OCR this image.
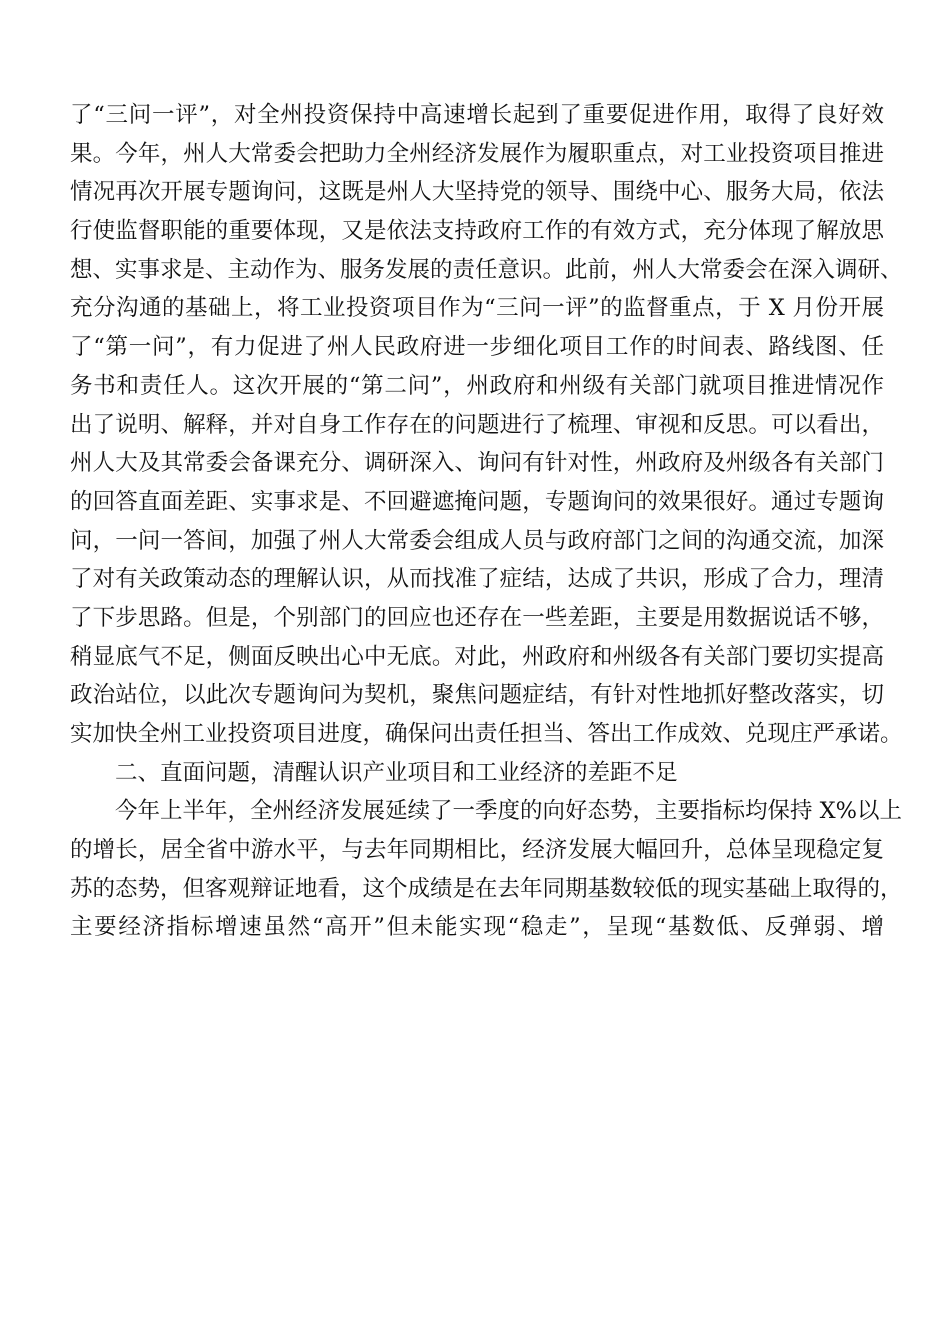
了“三问一评”，对全州投资保持中高速增长起到了重要促进作用，取得了良好效
果。今年，州人大常委会把助力全州经济发展作为履职重点，对工业投资项目推进
情况再次开展专题询问，这既是州人大坚持党的领导、围绕中心、服务大局，依法
行使监督职能的重要体现，又是依法支持政府工作的有效方式，充分体现了解放思
想、实事求是、主动作为、服务发展的责任意识。此前，州人大常委会在深入调研、
充分沟通的基础上，将工业投资项目作为“三问一评”的监督重点，于 X 月份开展
了“第一问”，有力促进了州人民政府进一步细化项目工作的时间表、路线图、任
务书和责任人。这次开展的“第二问”，州政府和州级有关部门就项目推进情况作
出了说明、解释，并对自身工作存在的问题进行了梳理、审视和反思。可以看出，
州人大及其常委会备课充分、调研深入、询问有针对性，州政府及州级各有关部门
的回答直面差距、实事求是、不回避遮掩问题，专题询问的效果很好。通过专题询
问，一问一答间，加强了州人大常委会组成人员与政府部门之间的沟通交流，加深
了对有关政策动态的理解认识，从而找准了症结，达成了共识，形成了合力，理清
了下步思路。但是，个别部门的回应也还存在一些差距，主要是用数据说话不够，
稍显底气不足，侧面反映出心中无底。对此，州政府和州级各有关部门要切实提高
政治站位，以此次专题询问为契机，聚焦问题症结，有针对性地抓好整改落实，切
实加快全州工业投资项目进度，确保问出责任担当、答出工作成效、兑现庄严承诺。
二、直面问题，清醒认识产业项目和工业经济的差距不足
今年上半年，全州经济发展延续了一季度的向好态势，主要指标均保持 X%以上
的增长，居全省中游水平，与去年同期相比，经济发展大幅回升，总体呈现稳定复
苏的态势，但客观辩证地看，这个成绩是在去年同期基数较低的现实基础上取得的，
主要经济指标增速虽然“高开”但未能实现“稳走”，呈现“基数低、反弹弱、增
